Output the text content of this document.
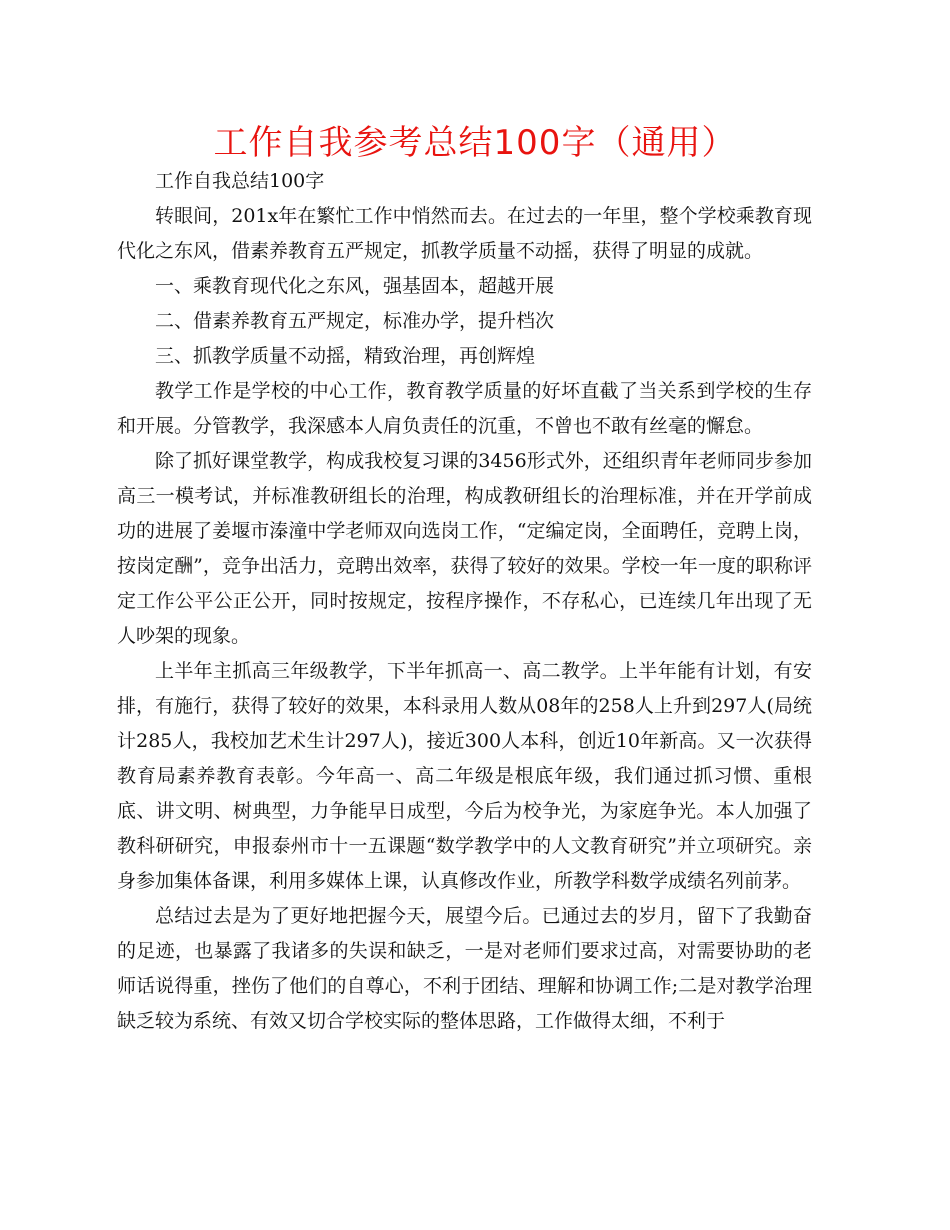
工作自我参考总结100字（通用）

工作自我总结100字

转眼间，201x年在繁忙工作中悄然而去。在过去的一年里，整个学校乘教育现代化之东风，借素养教育五严规定，抓教学质量不动摇，获得了明显的成就。

一、乘教育现代化之东风，强基固本，超越开展

二、借素养教育五严规定，标准办学，提升档次

三、抓教学质量不动摇，精致治理，再创辉煌

教学工作是学校的中心工作，教育教学质量的好坏直截了当关系到学校的生存和开展。分管教学，我深感本人肩负责任的沉重，不曾也不敢有丝毫的懈怠。

除了抓好课堂教学，构成我校复习课的3456形式外，还组织青年老师同步参加高三一模考试，并标准教研组长的治理，构成教研组长的治理标准，并在开学前成功的进展了姜堰市溱潼中学老师双向选岗工作，“定编定岗，全面聘任，竞聘上岗，按岗定酬”，竞争出活力，竞聘出效率，获得了较好的效果。学校一年一度的职称评定工作公平公正公开，同时按规定，按程序操作，不存私心，已连续几年出现了无人吵架的现象。

上半年主抓高三年级教学，下半年抓高一、高二教学。上半年能有计划，有安排，有施行，获得了较好的效果，本科录用人数从08年的258人上升到297人(局统计285人，我校加艺术生计297人)，接近300人本科，创近10年新高。又一次获得教育局素养教育表彰。今年高一、高二年级是根底年级，我们通过抓习惯、重根底、讲文明、树典型，力争能早日成型，今后为校争光，为家庭争光。本人加强了教科研研究，申报泰州市十一五课题“数学教学中的人文教育研究”并立项研究。亲身参加集体备课，利用多媒体上课，认真修改作业，所教学科数学成绩名列前茅。

总结过去是为了更好地把握今天，展望今后。已通过去的岁月，留下了我勤奋的足迹，也暴露了我诸多的失误和缺乏，一是对老师们要求过高，对需要协助的老师话说得重，挫伤了他们的自尊心，不利于团结、理解和协调工作;二是对教学治理缺乏较为系统、有效又切合学校实际的整体思路，工作做得太细，不利于
